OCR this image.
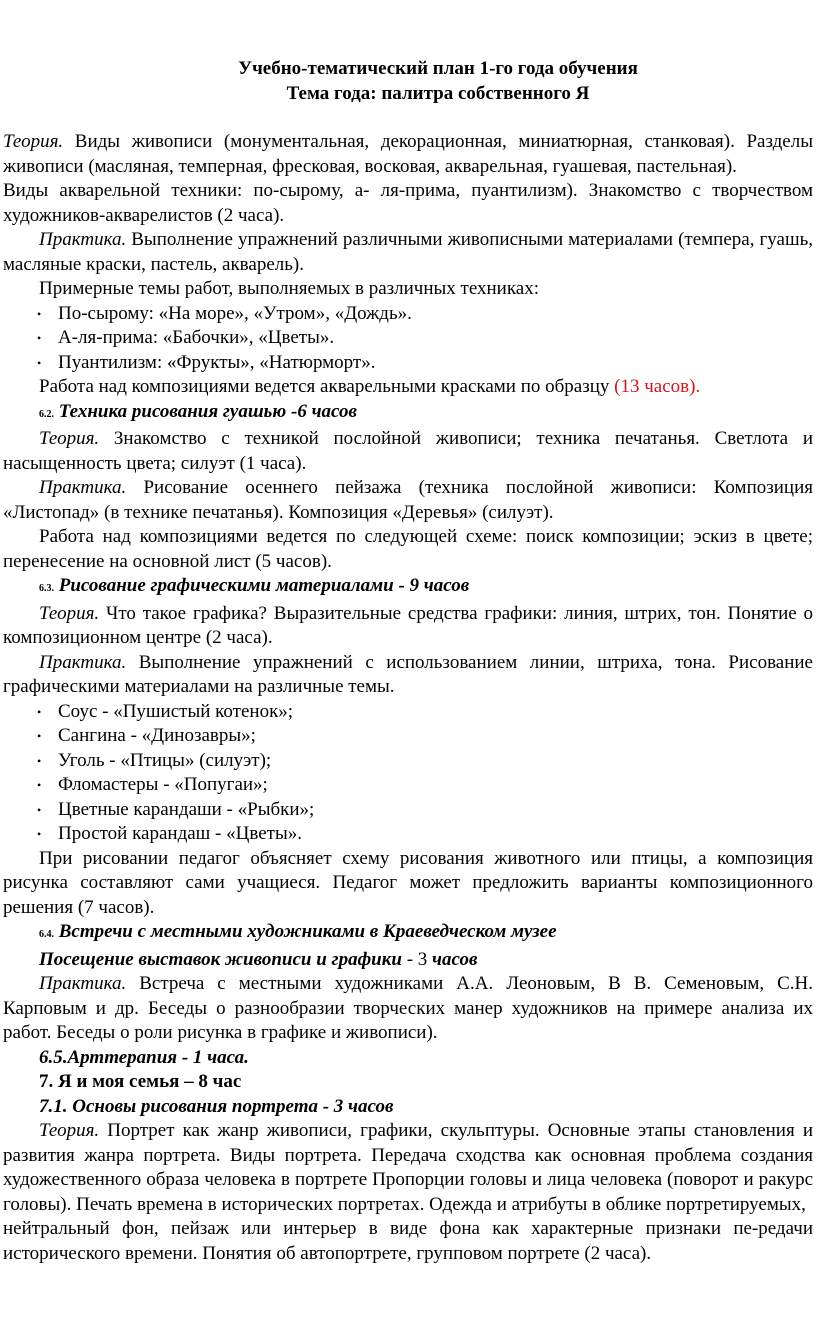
Учебно-тематический план 1-го года обучения
Тема года: палитра собственного Я

Теория. Виды живописи (монументальная, декорационная, миниатюрная, станковая). Разделы живописи (масляная, темперная, фресковая, восковая, акварельная, гуашевая, пастельная).

Виды акварельной техники: по-сырому, а- ля-прима, пуантилизм). Знакомство с творчеством художников-акварелистов (2 часа).

Практика. Выполнение упражнений различными живописными материалами (темпера, гуашь, масляные краски, пастель, акварель).

Примерные темы работ, выполняемых в различных техниках:

• По-сырому: «На море», «Утром», «Дождь».
• А-ля-прима: «Бабочки», «Цветы».
• Пуантилизм: «Фрукты», «Натюрморт».

Работа над композициями ведется акварельными красками по образцу (13 часов).

6.2. Техника рисования гуашью -6 часов

Теория. Знакомство с техникой послойной живописи; техника печатанья. Светлота и насыщенность цвета; силуэт (1 часа).

Практика. Рисование осеннего пейзажа (техника послойной живописи: Композиция «Листопад» (в технике печатанья). Композиция «Деревья» (силуэт).

Работа над композициями ведется по следующей схеме: поиск композиции; эскиз в цвете; перенесение на основной лист (5 часов).

6.3. Рисование графическими материалами - 9 часов

Теория. Что такое графика? Выразительные средства графики: линия, штрих, тон. Понятие о композиционном центре (2 часа).

Практика. Выполнение упражнений с использованием линии, штриха, тона. Рисование графическими материалами на различные темы.

• Соус - «Пушистый котенок»;
• Сангина - «Динозавры»;
• Уголь - «Птицы» (силуэт);
• Фломастеры - «Попугаи»;
• Цветные карандаши - «Рыбки»;
• Простой карандаш - «Цветы».

При рисовании педагог объясняет схему рисования животного или птицы, а композиция рисунка составляют сами учащиеся. Педагог может предложить варианты композиционного решения (7 часов).

6.4. Встречи с местными художниками в Краеведческом музее

Посещение выставок живописи и графики - 3 часов

Практика. Встреча с местными художниками А.А. Леоновым, В В. Семеновым, С.Н. Карповым и др. Беседы о разнообразии творческих манер художников на примере анализа их работ. Беседы о роли рисунка в графике и живописи).

6.5.Арттерапия - 1 часа.

7. Я и моя семья – 8 час

7.1. Основы рисования портрета - 3 часов

Теория. Портрет как жанр живописи, графики, скульптуры. Основные этапы становления и развития жанра портрета. Виды портрета. Передача сходства как основная проблема создания художественного образа человека в портрете Пропорции головы и лица человека (поворот и ракурс головы). Печать времена в исторических портретах. Одежда и атрибуты в облике портретируемых,

нейтральный фон, пейзаж или интерьер в виде фона как характерные признаки пе-редачи исторического времени. Понятия об автопортрете, групповом портрете (2 часа).
